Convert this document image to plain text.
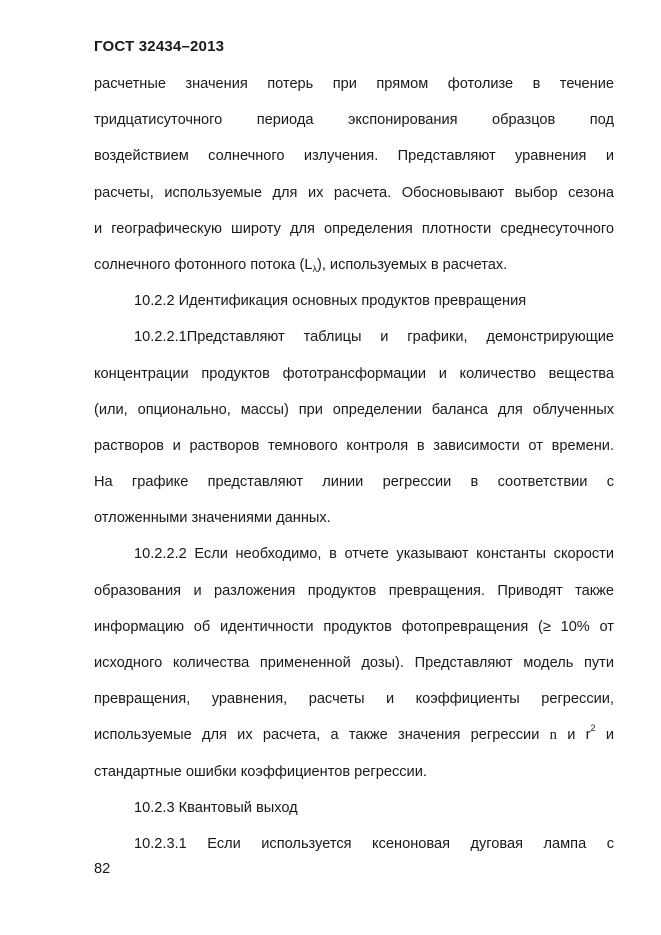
ГОСТ 32434–2013
расчетные значения потерь при прямом фотолизе в течение
тридцатисуточного периода экспонирования образцов под
воздействием солнечного излучения. Представляют уравнения и
расчеты, используемые для их расчета. Обосновывают выбор сезона
и географическую широту для определения плотности среднесуточного
солнечного фотонного потока $(L_\lambda)$, используемых в расчетах.
10.2.2 Идентификация основных продуктов превращения
10.2.2.1Представляют таблицы и графики, демонстрирующие
концентрации продуктов фототрансформации и количество вещества
(или, опционально, массы) при определении баланса для облученных
растворов и растворов темнового контроля в зависимости от времени.
На графике представляют линии регрессии в соответствии с
отложенными значениями данных.
10.2.2.2 Если необходимо, в отчете указывают константы скорости
образования и разложения продуктов превращения. Приводят также
информацию об идентичности продуктов фотопревращения (≥ 10% от
исходного количества примененной дозы). Представляют модель пути
превращения, уравнения, расчеты и коэффициенты регрессии,
используемые для их расчета, а также значения регрессии n и $r^2$ и
стандартные ошибки коэффициентов регрессии.
10.2.3 Квантовый выход
10.2.3.1 Если используется ксеноновая дуговая лампа с
82
